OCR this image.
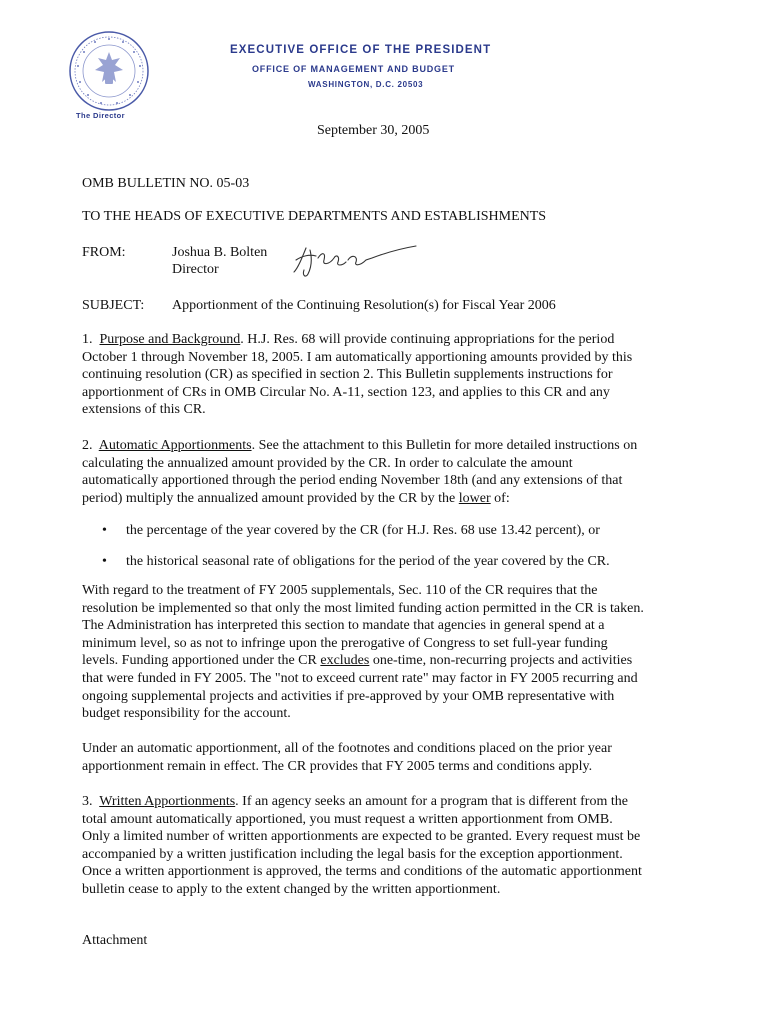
EXECUTIVE OFFICE OF THE PRESIDENT
OFFICE OF MANAGEMENT AND BUDGET
WASHINGTON, D.C. 20503
The Director
September 30, 2005
OMB BULLETIN NO. 05-03
TO THE HEADS OF EXECUTIVE DEPARTMENTS AND ESTABLISHMENTS
FROM:	Joshua B. Bolten
Director
SUBJECT: Apportionment of the Continuing Resolution(s) for Fiscal Year 2006
1. Purpose and Background. H.J. Res. 68 will provide continuing appropriations for the period
October 1 through November 18, 2005. I am automatically apportioning amounts provided by this
continuing resolution (CR) as specified in section 2. This Bulletin supplements instructions for
apportionment of CRs in OMB Circular No. A-11, section 123, and applies to this CR and any
extensions of this CR.
2. Automatic Apportionments. See the attachment to this Bulletin for more detailed instructions on
calculating the annualized amount provided by the CR. In order to calculate the amount
automatically apportioned through the period ending November 18th (and any extensions of that
period) multiply the annualized amount provided by the CR by the lower of:
• the percentage of the year covered by the CR (for H.J. Res. 68 use 13.42 percent), or
• the historical seasonal rate of obligations for the period of the year covered by the CR.
With regard to the treatment of FY 2005 supplementals, Sec. 110 of the CR requires that the
resolution be implemented so that only the most limited funding action permitted in the CR is taken.
The Administration has interpreted this section to mandate that agencies in general spend at a
minimum level, so as not to infringe upon the prerogative of Congress to set full-year funding
levels. Funding apportioned under the CR excludes one-time, non-recurring projects and activities
that were funded in FY 2005. The "not to exceed current rate" may factor in FY 2005 recurring and
ongoing supplemental projects and activities if pre-approved by your OMB representative with
budget responsibility for the account.
Under an automatic apportionment, all of the footnotes and conditions placed on the prior year
apportionment remain in effect. The CR provides that FY 2005 terms and conditions apply.
3. Written Apportionments. If an agency seeks an amount for a program that is different from the
total amount automatically apportioned, you must request a written apportionment from OMB.
Only a limited number of written apportionments are expected to be granted. Every request must be
accompanied by a written justification including the legal basis for the exception apportionment.
Once a written apportionment is approved, the terms and conditions of the automatic apportionment
bulletin cease to apply to the extent changed by the written apportionment.
Attachment
